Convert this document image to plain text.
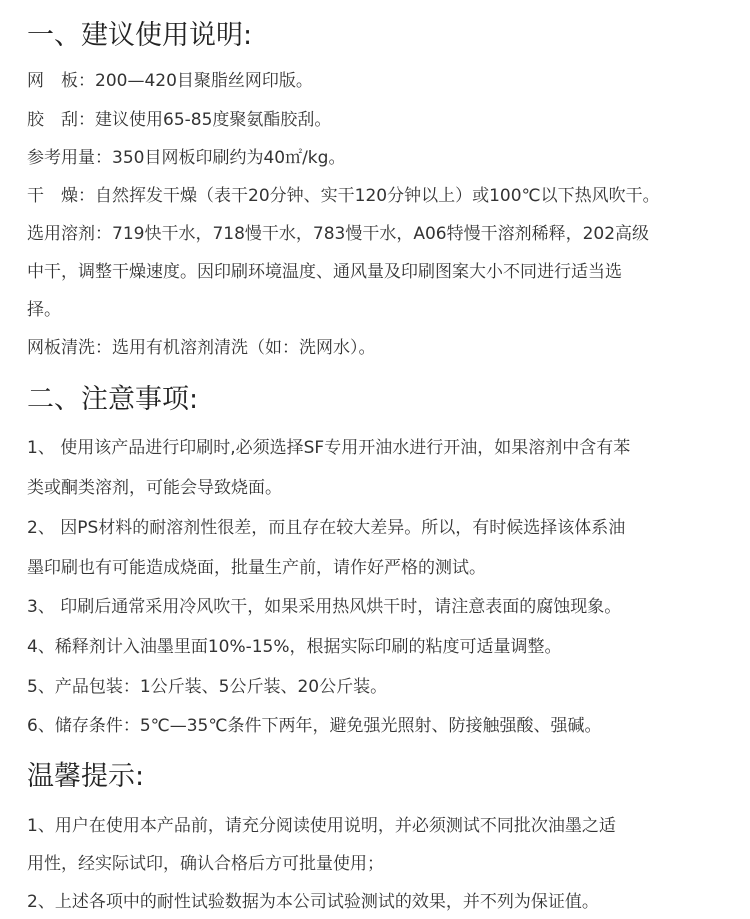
一、建议使用说明:
网　板：200—420目聚脂丝网印版。
胶　刮：建议使用65-85度聚氨酯胶刮。
参考用量：350目网板印刷约为40㎡/kg。
干　燥：自然挥发干燥（表干20分钟、实干120分钟以上）或100℃以下热风吹干。
选用溶剂：719快干水，718慢干水，783慢干水，A06特慢干溶剂稀释，202高级
中干，调整干燥速度。因印刷环境温度、通风量及印刷图案大小不同进行适当选
择。
网板清洗：选用有机溶剂清洗（如：洗网水）。
二、注意事项:
1、 使用该产品进行印刷时,必须选择SF专用开油水进行开油，如果溶剂中含有苯
类或酮类溶剂，可能会导致烧面。
2、 因PS材料的耐溶剂性很差，而且存在较大差异。所以，有时候选择该体系油
墨印刷也有可能造成烧面，批量生产前，请作好严格的测试。
3、 印刷后通常采用冷风吹干，如果采用热风烘干时，请注意表面的腐蚀现象。
4、稀释剂计入油墨里面10%-15%，根据实际印刷的粘度可适量调整。
5、产品包装：1公斤装、5公斤装、20公斤装。
6、储存条件：5℃—35℃条件下两年，避免强光照射、防接触强酸、强碱。
温馨提示:
1、用户在使用本产品前，请充分阅读使用说明，并必须测试不同批次油墨之适
用性，经实际试印，确认合格后方可批量使用；
2、上述各项中的耐性试验数据为本公司试验测试的效果，并不列为保证值。
